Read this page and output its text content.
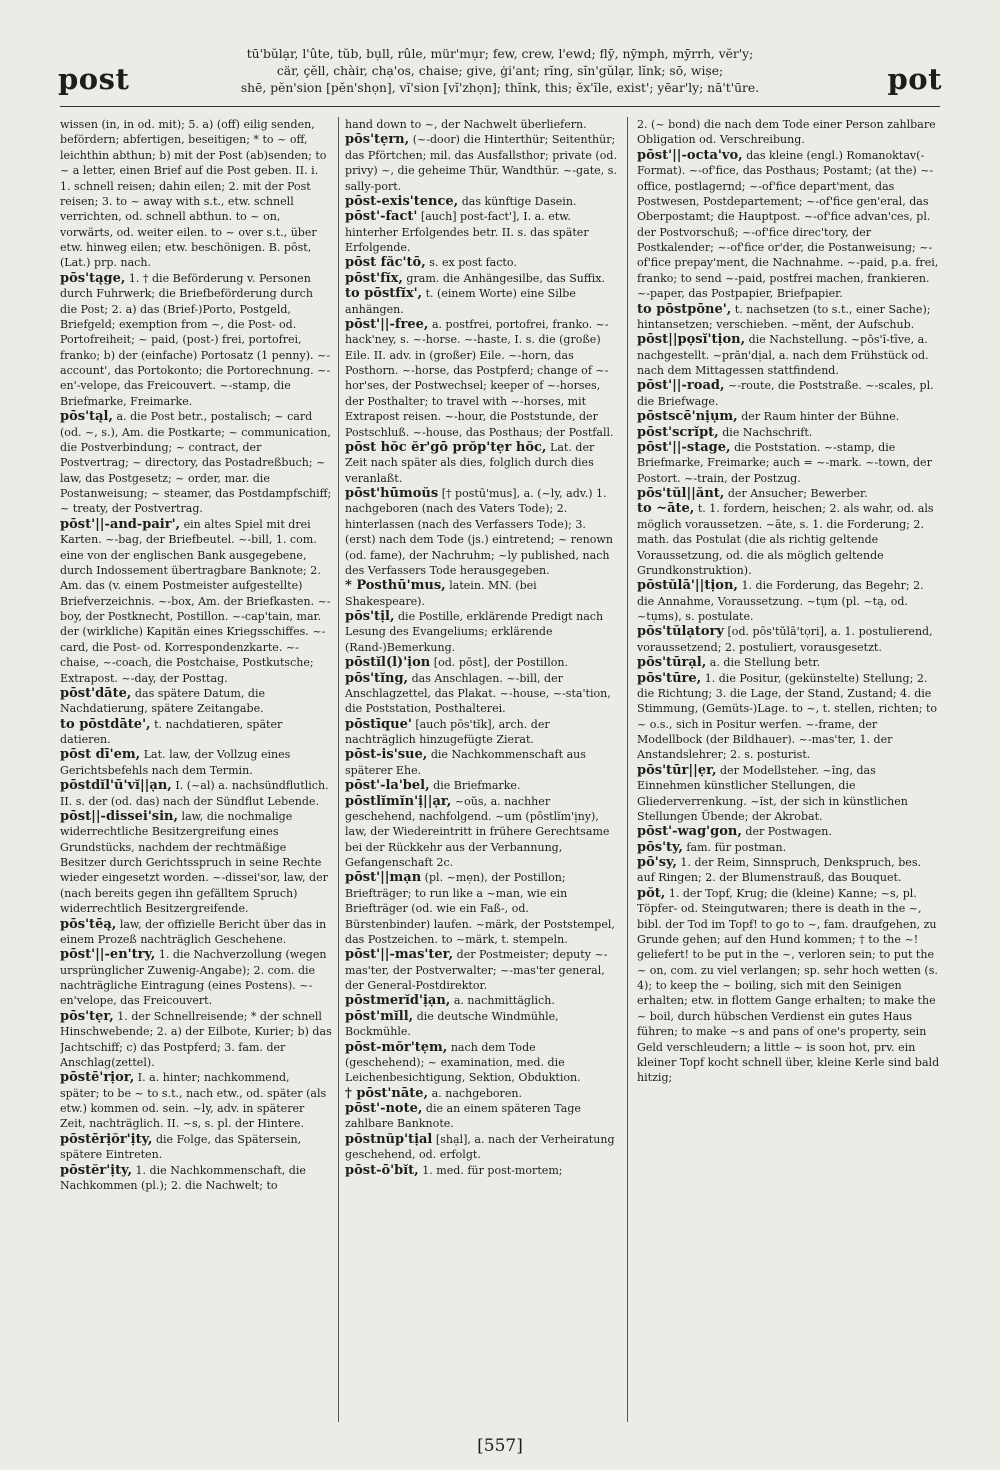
post
tū'bŭlạr, l'ûte, tŭb, bụll, rûle, mür'mụr; few, crew, l'ewd; flȳ, nȳmph, mȳrrh, vĕr'y;
cär, çĕll, chàir, chạ'os, chaise; give, ġi'ant; rĭng, sĭn'gŭlạr, lĭnk; sō, wiṣe;
shē, pĕn'sion [pĕn'shọn], vĭ'sion [vĭ'zhọn]; thĭnk, this; ĕx'ĭle, exist'; yēar'ly; nā't'ūre.	pot

wissen (in, in od. mit); 5. a) (off) eilig senden, befördern; abfertigen, beseitigen; * to ~ off, leichthin abthun; b) mit der Post (ab)senden; to ~ a letter, einen Brief auf die Post geben. II. i. 1. schnell reisen; dahin eilen; 2. mit der Post reisen; 3. to ~ away with s.t., etw. schnell verrichten, od. schnell abthun. to ~ on, vorwärts, od. weiter eilen. to ~ over s.t., über etw. hinweg eilen; etw. beschönigen. B. pōst, (Lat.) prp. nach.

pōs'tąge, 1. † die Beförderung v. Personen durch Fuhrwerk; die Briefbeförderung durch die Post; 2. a) das (Brief-)Porto, Postgeld, Briefgeld; exemption from ~, die Post- od. Portofreiheit; ~ paid, (post-) frei, portofrei, franko; b) der (einfache) Portosatz (1 penny). ~-account', das Portokonto; die Portorechnung. ~-en'-velope, das Freicouvert. ~-stamp, die Briefmarke, Freimarke.

pōs'tąl, a. die Post betr., postalisch; ~ card (od. ~, s.), Am. die Postkarte; ~ communication, die Postverbindung; ~ contract, der Postvertrag; ~ directory, das Postadreßbuch; ~ law, das Postgesetz; ~ order, mar. die Postanweisung; ~ steamer, das Postdampfschiff; ~ treaty, der Postvertrag.

pōst'||-and-pair', ein altes Spiel mit drei Karten. ~-bag, der Briefbeutel. ~-bill, 1. com. eine von der englischen Bank ausgegebene, durch Indossement übertragbare Banknote; 2. Am. das (v. einem Postmeister aufgestellte) Briefverzeichnis. ~-box, Am. der Briefkasten. ~-boy, der Postknecht, Postillon. ~-cap'tain, mar. der (wirkliche) Kapitän eines Kriegsschiffes. ~-card, die Post- od. Korrespondenzkarte. ~-chaise, ~-coach, die Postchaise, Postkutsche; Extrapost. ~-day, der Posttag.

pōst'dāte, das spätere Datum, die Nachdatierung, spätere Zeitangabe.

to pōstdāte', t. nachdatieren, später datieren.

pōst dī'em, Lat. law, der Vollzug eines Gerichtsbefehls nach dem Termin.

pōstdĭl'ū'vĭ||ạn, I. (~al) a. nachsündflutlich. II. s. der (od. das) nach der Sündflut Lebende.

pōst||-dissei'sin, law, die nochmalige widerrechtliche Besitzergreifung eines Grundstücks, nachdem der rechtmäßige Besitzer durch Gerichtsspruch in seine Rechte wieder eingesetzt worden. ~-dissei'sor, law, der (nach bereits gegen ihn gefälltem Spruch) widerrechtlich Besitzergreifende.

pōs'tēą, law, der offizielle Bericht über das in einem Prozeß nachträglich Geschehene.

pōst'||-en'try, 1. die Nachverzollung (wegen ursprünglicher Zuwenig-Angabe); 2. com. die nachträgliche Eintragung (eines Postens). ~-en'velope, das Freicouvert.

pōs'tẹr, 1. der Schnellreisende; * der schnell Hinschwebende; 2. a) der Eilbote, Kurier; b) das Jachtschiff; c) das Postpferd; 3. fam. der Anschlag(zettel).

pōstē'rịor, I. a. hinter; nachkommend, später; to be ~ to s.t., nach etw., od. später (als etw.) kommen od. sein. ~ly, adv. in späterer Zeit, nachträglich. II. ~s, s. pl. der Hintere.

pōstērịŏr'ịty, die Folge, das Spätersein, spätere Eintreten.

pōstĕr'ịty, 1. die Nachkommenschaft, die Nachkommen (pl.); 2. die Nachwelt; to

hand down to ~, der Nachwelt überliefern.

pōs'tẹrn, (~-door) die Hinterthür; Seitenthür; das Pförtchen; mil. das Ausfallsthor; private (od. privy) ~, die geheime Thür, Wandthür. ~-gate, s. sally-port.

pōst-exis'tence, das künftige Dasein.

pōst'-fact' [auch] post-fact'], I. a. etw. hinterher Erfolgendes betr. II. s. das später Erfolgende.

pōst făc'tō, s. ex post facto.

pōst'fĭx, gram. die Anhängesilbe, das Suffix.

to pōstfĭx', t. (einem Worte) eine Silbe anhängen.

pōst'||-free, a. postfrei, portofrei, franko. ~-hack'ney, s. ~-horse. ~-haste, I. s. die (große) Eile. II. adv. in (großer) Eile. ~-horn, das Posthorn. ~-horse, das Postpferd; change of ~-hor'ses, der Postwechsel; keeper of ~-horses, der Posthalter; to travel with ~-horses, mit Extrapost reisen. ~-hour, die Poststunde, der Postschluß. ~-house, das Posthaus; der Postfall.

pōst hŏc ĕr'gō prŏp'tẹr hŏc, Lat. der Zeit nach später als dies, folglich durch dies veranlaßt.

pōst'hūmoŭs [† postū'mus], a. (~ly, adv.) 1. nachgeboren (nach des Vaters Tode); 2. hinterlassen (nach des Verfassers Tode); 3. (erst) nach dem Tode (js.) eintretend; ~ renown (od. fame), der Nachruhm; ~ly published, nach des Verfassers Tode herausgegeben.

* Posthū'mus, latein. MN. (bei Shakespeare).

pōs'tịl, die Postille, erklärende Predigt nach Lesung des Evangeliums; erklärende (Rand-)Bemerkung.

pōstĭl(l)'ịon [od. pōst], der Postillon.

pōs'tĭng, das Anschlagen. ~-bill, der Anschlagzettel, das Plakat. ~-house, ~-sta'tion, die Poststation, Posthalterei.

pōstīque' [auch pōs'tĭk], arch. der nachträglich hinzugefügte Zierat.

pōst-is'sue, die Nachkommenschaft aus späterer Ehe.

pōst'-la'bel, die Briefmarke.

pōstlĭmĭn'ị||ạr, ~oŭs, a. nachher geschehend, nachfolgend. ~um (pōstlĭm'ịny), law, der Wiedereintritt in frühere Gerechtsame bei der Rückkehr aus der Verbannung, Gefangenschaft 2c.

pōst'||mạn (pl. ~mẹn), der Postillon; Briefträger; to run like a ~man, wie ein Briefträger (od. wie ein Faß-, od. Bürstenbinder) laufen. ~märk, der Poststempel, das Postzeichen. to ~märk, t. stempeln.

pōst'||-mas'ter, der Postmeister; deputy ~-mas'ter, der Postverwalter; ~-mas'ter general, der General-Postdirektor.

pōstmerĭd'ịạn, a. nachmittäglich.

pōst'mĭll, die deutsche Windmühle, Bockmühle.

pōst-mŏr'tẹm, nach dem Tode (geschehend); ~ examination, med. die Leichenbesichtigung, Sektion, Obduktion.

† pōst'nāte, a. nachgeboren.

pōst'-note, die an einem späteren Tage zahlbare Banknote.

pōstnŭp'tịal [shạl], a. nach der Verheiratung geschehend, od. erfolgt.

pōst-ō'bĭt, 1. med. für post-mortem;

2. (~ bond) die nach dem Tode einer Person zahlbare Obligation od. Verschreibung.

pōst'||-octa'vo, das kleine (engl.) Romanoktav(-Format). ~-of'fice, das Posthaus; Postamt; (at the) ~-office, postlagernd; ~-of'fice depart'ment, das Postwesen, Postdepartement; ~-of'fice gen'eral, das Oberpostamt; die Hauptpost. ~-of'fice advan'ces, pl. der Postvorschuß; ~-of'fice direc'tory, der Postkalender; ~-of'fice or'der, die Postanweisung; ~-of'fice prepay'ment, die Nachnahme. ~-paid, p.a. frei, franko; to send ~-paid, postfrei machen, frankieren. ~-paper, das Postpapier, Briefpapier.

to pōstpōne', t. nachsetzen (to s.t., einer Sache); hintansetzen; verschieben. ~mĕnt, der Aufschub.

pōst||pọsĭ'tịon, die Nachstellung. ~pŏs'ĭ-tīve, a. nachgestellt. ~prăn'dịal, a. nach dem Frühstück od. nach dem Mittagessen stattfindend.

pōst'||-road, ~-route, die Poststraße. ~-scales, pl. die Briefwage.

pōstscē'nịụm, der Raum hinter der Bühne.

pōst'scrĭpt, die Nachschrift.

pōst'||-stage, die Poststation. ~-stamp, die Briefmarke, Freimarke; auch = ~-mark. ~-town, der Postort. ~-train, der Postzug.

pōs'tŭl||ănt, der Ansucher; Bewerber.

to ~āte, t. 1. fordern, heischen; 2. als wahr, od. als möglich voraussetzen. ~āte, s. 1. die Forderung; 2. math. das Postulat (die als richtig geltende Voraussetzung, od. die als möglich geltende Grundkonstruktion).

pōstŭlā'||tịon, 1. die Forderung, das Begehr; 2. die Annahme, Voraussetzung. ~tụm (pl. ~tạ, od. ~tụms), s. postulate.

pōs'tŭlạtory [od. pōs'tŭlā'tọri], a. 1. postulierend, voraussetzend; 2. postuliert, vorausgesetzt.

pōs'tūrạl, a. die Stellung betr.

pōs'tūre, 1. die Positur, (gekünstelte) Stellung; 2. die Richtung; 3. die Lage, der Stand, Zustand; 4. die Stimmung, (Gemüts-)Lage. to ~, t. stellen, richten; to ~ o.s., sich in Positur werfen. ~-frame, der Modellbock (der Bildhauer). ~-mas'ter, 1. der Anstandslehrer; 2. s. posturist.

pōs'tūr||ẹr, der Modellsteher. ~ĭng, das Einnehmen künstlicher Stellungen, die Gliederverrenkung. ~ĭst, der sich in künstlichen Stellungen Übende; der Akrobat.

pōst'-wag'gon, der Postwagen.

pōs'ty, fam. für postman.

pō'sy, 1. der Reim, Sinnspruch, Denkspruch, bes. auf Ringen; 2. der Blumenstrauß, das Bouquet.

pŏt, 1. der Topf, Krug; die (kleine) Kanne; ~s, pl. Töpfer- od. Steingutwaren; there is death in the ~, bibl. der Tod im Topf! to go to ~, fam. draufgehen, zu Grunde gehen; auf den Hund kommen; † to the ~! geliefert! to be put in the ~, verloren sein; to put the ~ on, com. zu viel verlangen; sp. sehr hoch wetten (s. 4); to keep the ~ boiling, sich mit den Seinigen erhalten; etw. in flottem Gange erhalten; to make the ~ boil, durch hübschen Verdienst ein gutes Haus führen; to make ~s and pans of one's property, sein Geld verschleudern; a little ~ is soon hot, prv. ein kleiner Topf kocht schnell über, kleine Kerle sind bald hitzig;

[557]
